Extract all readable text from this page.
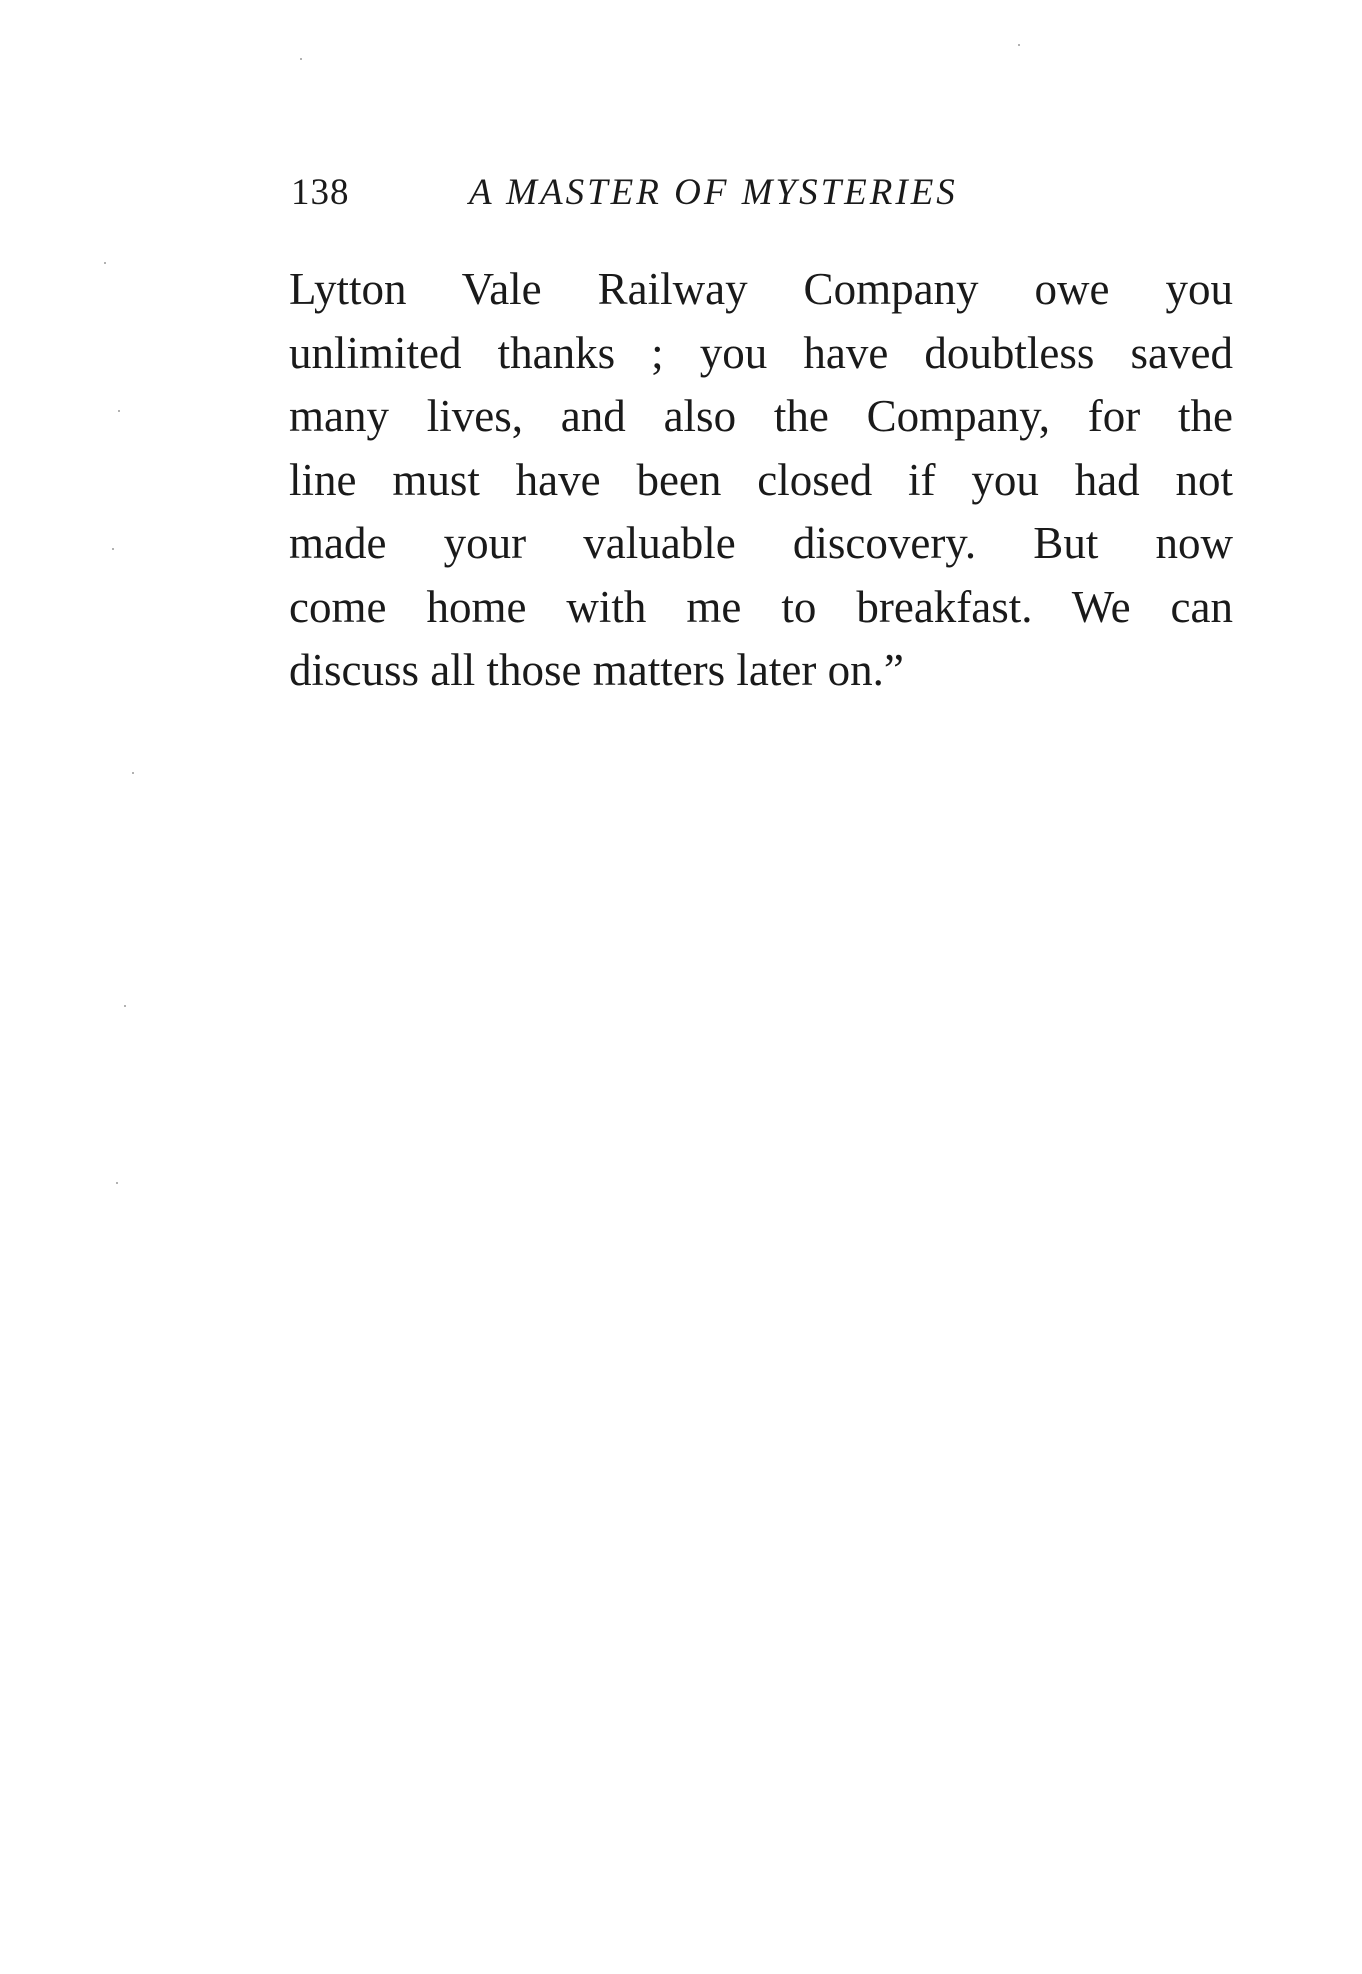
138	A MASTER OF MYSTERIES
Lytton Vale Railway Company owe you
unlimited thanks ; you have doubtless saved
many lives, and also the Company, for the
line must have been closed if you had not
made your valuable discovery. But now
come home with me to breakfast. We can
discuss all those matters later on.”
